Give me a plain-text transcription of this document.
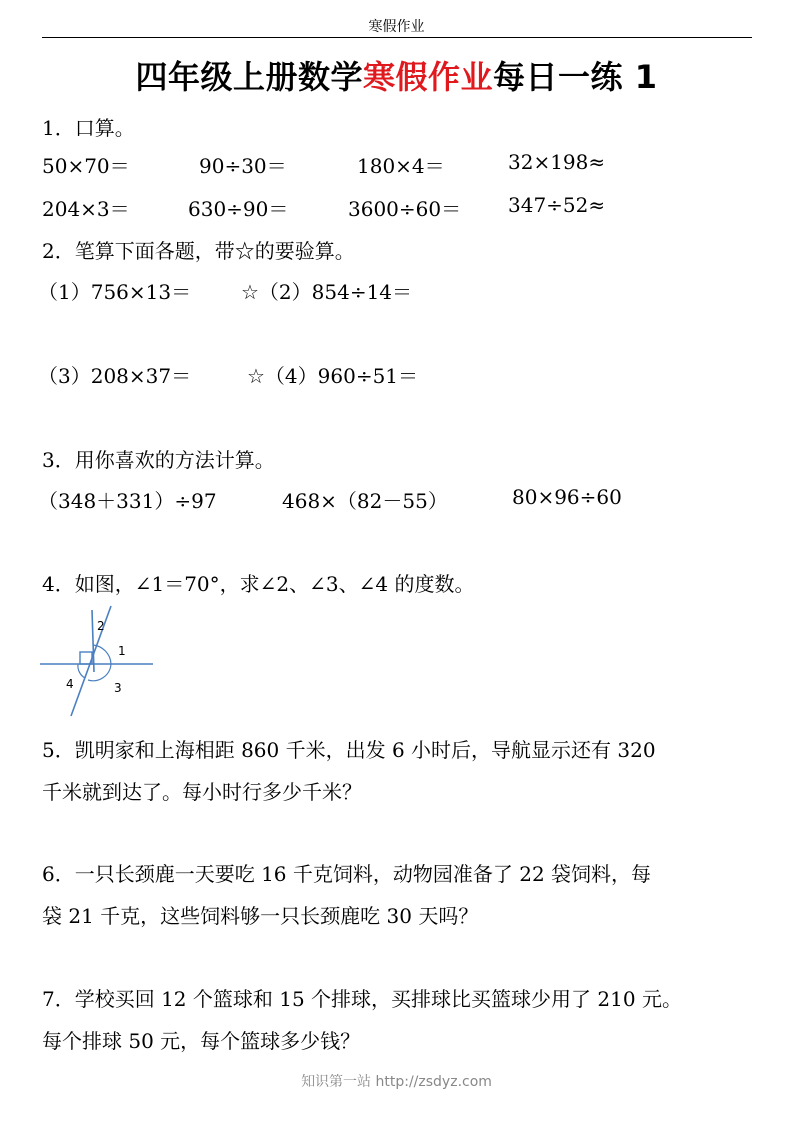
寒假作业
四年级上册数学寒假作业每日一练 1
1．口算。
50×70＝	90÷30＝	180×4＝	32×198≈
204×3＝	630÷90＝	3600÷60＝ 347÷52≈
2．笔算下面各题，带☆的要验算。
（1）756×13＝ ☆（2）854÷14＝
（3）208×37＝	☆（4）960÷51＝
3．用你喜欢的方法计算。
（348＋331）÷97	468×（82－55）	80×96÷60
4．如图，∠1＝70°，求∠2、∠3、∠4 的度数。
2
1
4	3
5．凯明家和上海相距 860 千米，出发 6 小时后，导航显示还有 320
千米就到达了。每小时行多少千米？
6．一只长颈鹿一天要吃 16 千克饲料，动物园准备了 22 袋饲料，每
袋 21 千克，这些饲料够一只长颈鹿吃 30 天吗？
7．学校买回 12 个篮球和 15 个排球，买排球比买篮球少用了 210 元。
每个排球 50 元，每个篮球多少钱？
知识第一站 http://zsdyz.com
